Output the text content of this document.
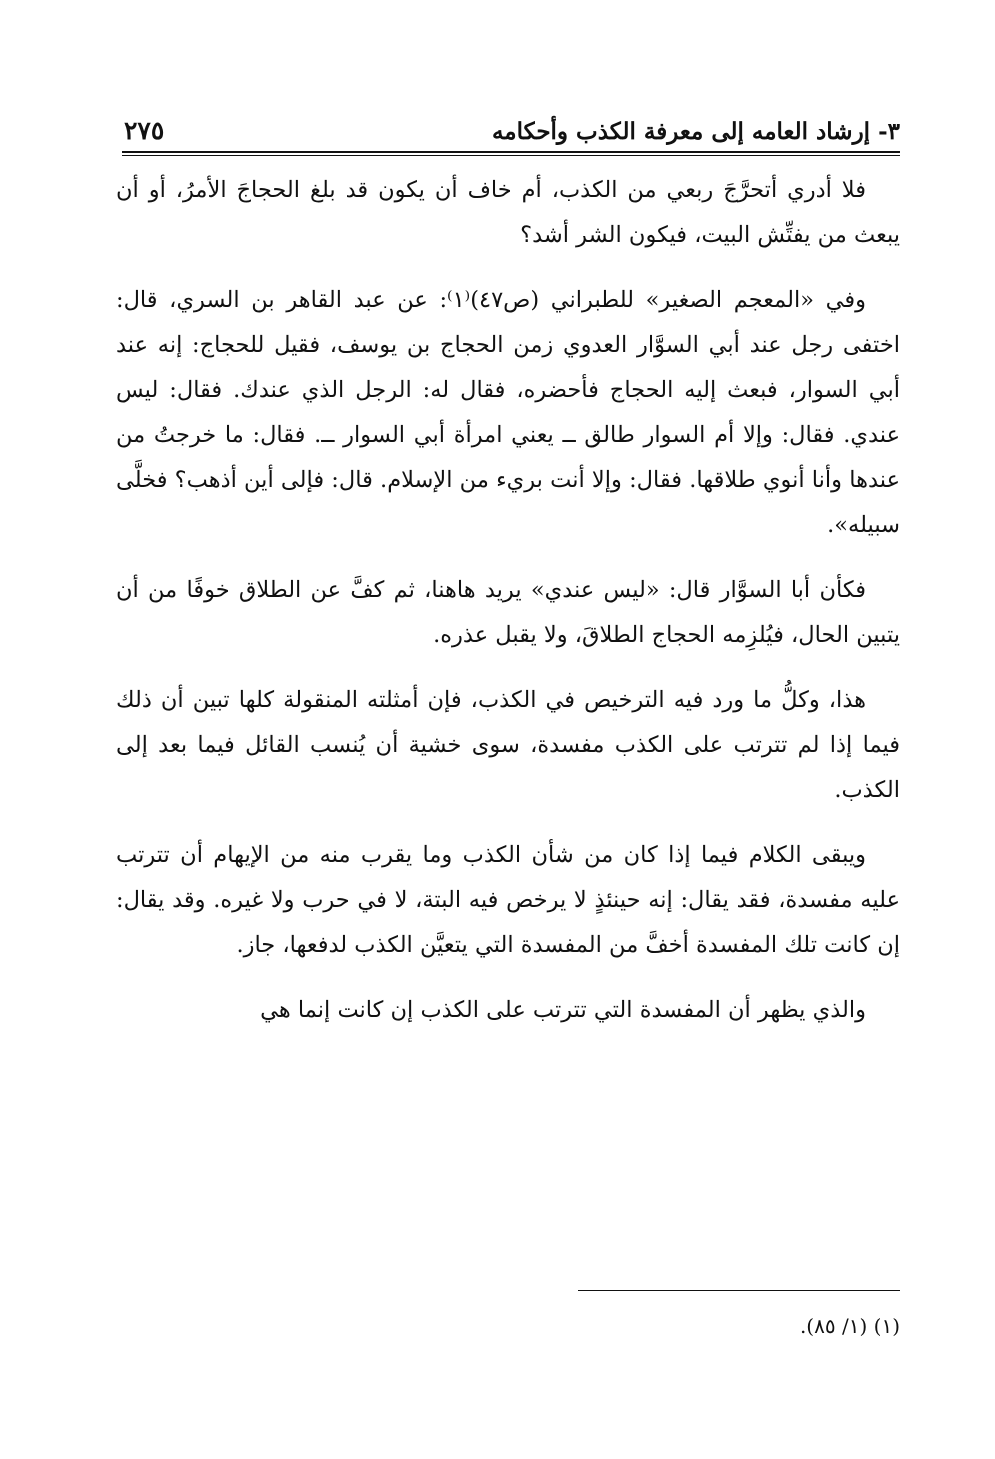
٣- إرشاد العامه إلى معرفة الكذب وأحكامه
٢٧٥

فلا أدري أتحرَّجَ ربعي من الكذب، أم خاف أن يكون قد بلغ الحجاجَ الأمرُ، أو أن يبعث من يفتِّش البيت، فيكون الشر أشد؟

وفي «المعجم الصغير» للطبراني (ص٤٧)⁽١⁾: عن عبد القاهر بن السري، قال: اختفى رجل عند أبي السوَّار العدوي زمن الحجاج بن يوسف، فقيل للحجاج: إنه عند أبي السوار، فبعث إليه الحجاج فأحضره، فقال له: الرجل الذي عندك. فقال: ليس عندي. فقال: وإلا أم السوار طالق ــ يعني امرأة أبي السوار ــ. فقال: ما خرجتُ من عندها وأنا أنوي طلاقها. فقال: وإلا أنت بريء من الإسلام. قال: فإلى أين أذهب؟ فخلَّى سبيله».

فكأن أبا السوَّار قال: «ليس عندي» يريد هاهنا، ثم كفَّ عن الطلاق خوفًا من أن يتبين الحال، فيُلزِمه الحجاج الطلاقَ، ولا يقبل عذره.

هذا، وكلُّ ما ورد فيه الترخيص في الكذب، فإن أمثلته المنقولة كلها تبين أن ذلك فيما إذا لم تترتب على الكذب مفسدة، سوى خشية أن يُنسب القائل فيما بعد إلى الكذب.

ويبقى الكلام فيما إذا كان من شأن الكذب وما يقرب منه من الإيهام أن تترتب عليه مفسدة، فقد يقال: إنه حينئذٍ لا يرخص فيه البتة، لا في حرب ولا غيره. وقد يقال: إن كانت تلك المفسدة أخفَّ من المفسدة التي يتعيَّن الكذب لدفعها، جاز.

والذي يظهر أن المفسدة التي تترتب على الكذب إن كانت إنما هي

(١) (١/ ٨٥).
